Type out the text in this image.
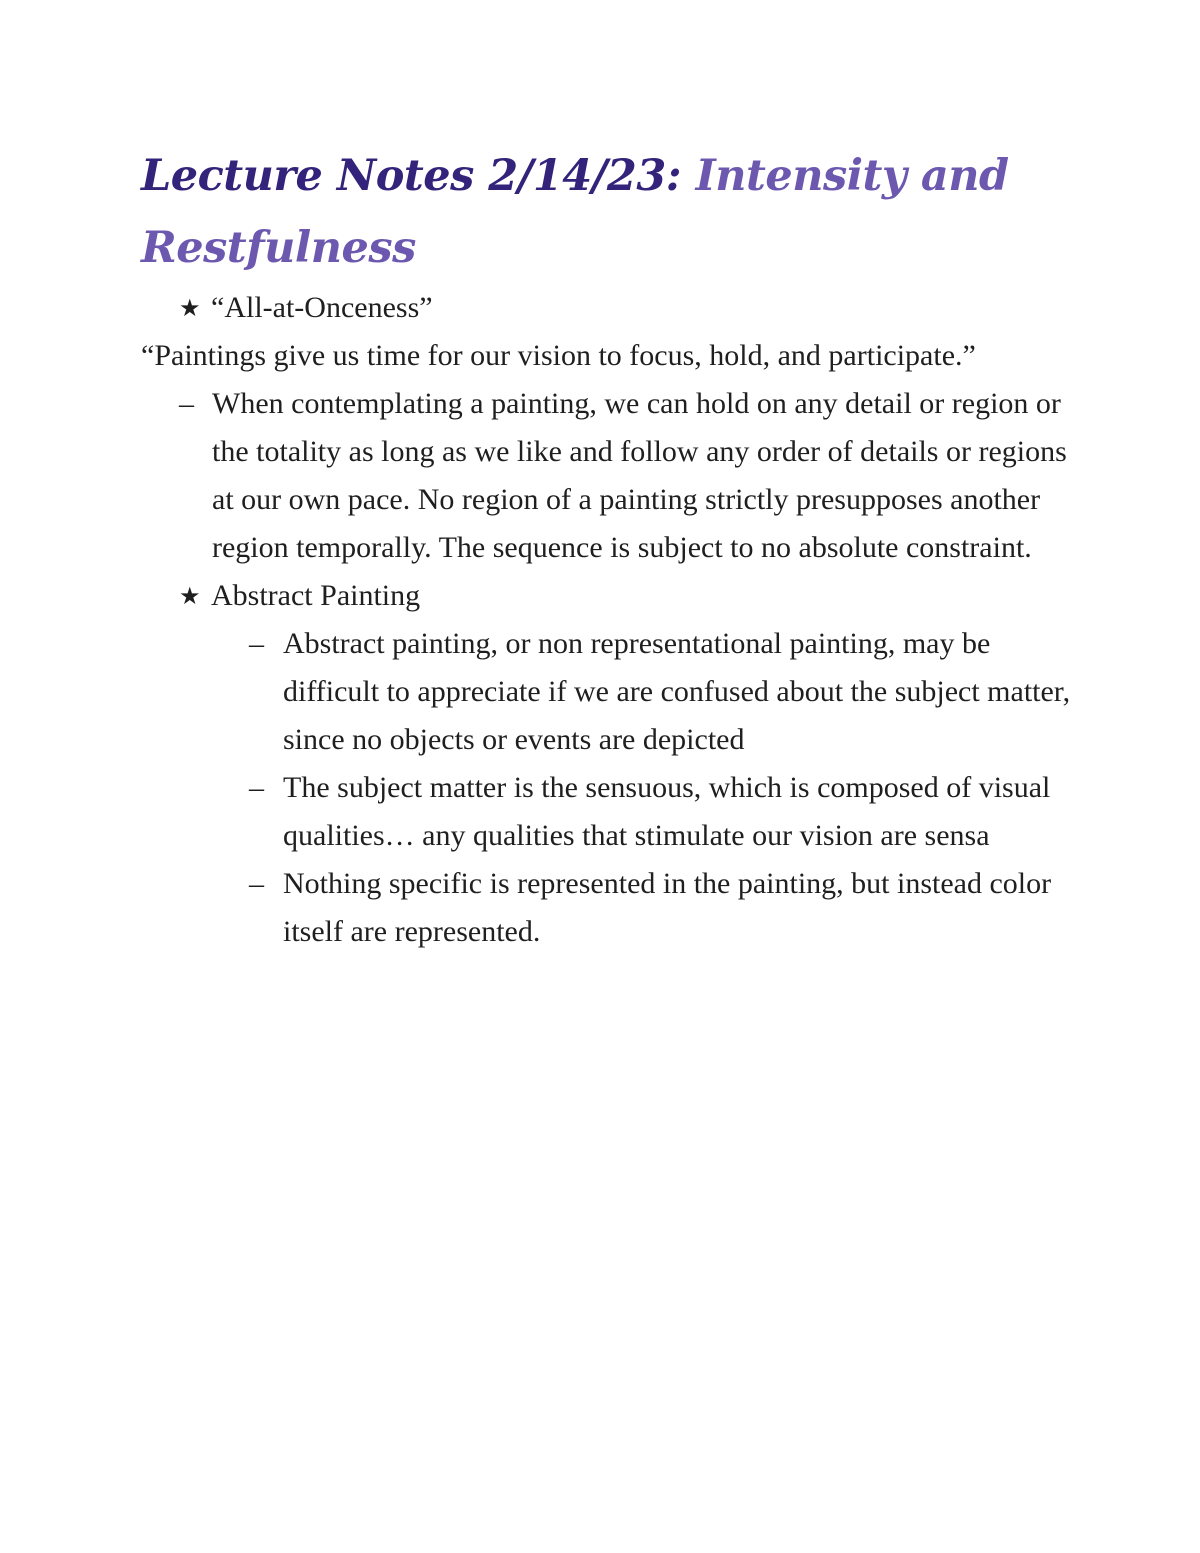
Lecture Notes 2/14/23: Intensity and Restfulness

★ “All-at-Onceness”

“Paintings give us time for our vision to focus, hold, and participate.”

– When contemplating a painting, we can hold on any detail or region or the totality as long as we like and follow any order of details or regions at our own pace. No region of a painting strictly presupposes another region temporally. The sequence is subject to no absolute constraint.

★ Abstract Painting

– Abstract painting, or non representational painting, may be difficult to appreciate if we are confused about the subject matter, since no objects or events are depicted
– The subject matter is the sensuous, which is composed of visual qualities… any qualities that stimulate our vision are sensa
– Nothing specific is represented in the painting, but instead color itself are represented.
